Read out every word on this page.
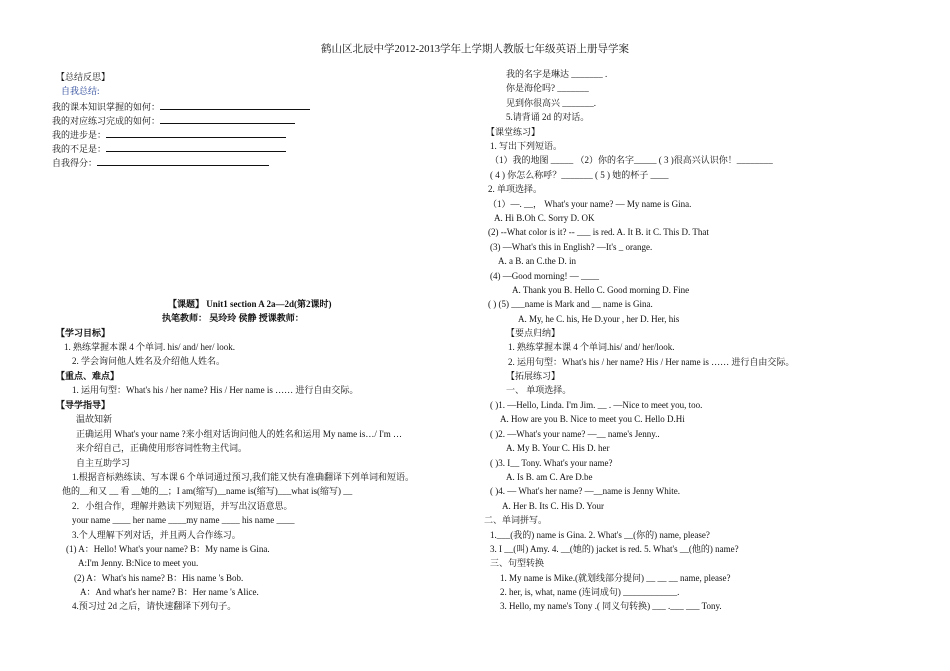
鹤山区北辰中学2012-2013学年上学期人教版七年级英语上册导学案
【总结反思】
自我总结:
我的课本知识掌握的如何：
我的对应练习完成的如何：
我的进步是：
我的不足是：
自我得分：
【课题】 Unit1 section A 2a—2d(第2课时)
执笔教师： 吴玲玲 侯静 授课教师：
【学习目标】
1. 熟练掌握本课 4 个单词. his/ and/ her/ look.
2. 学会询问他人姓名及介绍他人姓名。
【重点、难点】
1. 运用句型：What's his / her name? His / Her name is …… 进行自由交际。
【导学指导】
温故知新
正确运用 What's your name ?来小组对话询问他人的姓名和运用 My name is…/ I'm …
来介绍自己，正确使用形容词性物主代词。
自主互助学习
1.根据音标熟练读、写本课 6 个单词通过预习,我们能又快有准确翻译下列单词和短语。
他的__和又 __ 看 __她的__；I am(缩写)__name is(缩写)___what is(缩写) __
2．小组合作，理解并熟读下列短语，并写出汉语意思。
your name ____ her name ____my name ____ his name ____
3.个人理解下列对话，并且两人合作练习。
(1) A：Hello! What's your name? B：My name is Gina.
A:I'm Jenny. B:Nice to meet you.
(2) A：What's his name? B：His name 's Bob.
A：And what's her name? B：Her name 's Alice.
4.预习过 2d 之后，请快速翻译下列句子。
我的名字是琳达 _______ .
你是海伦吗? _______
见到你很高兴 _______.
5.请背诵 2d 的对话。
【课堂练习】
1. 写出下列短语。
（1）我的地图 _____ （2）你的名字_____ ( 3 )很高兴认识你！________
( 4 ) 你怎么称呼？_______ ( 5 ) 她的杯子 ____
2. 单项选择。
（1）—. __， What's your name? — My name is Gina.
A. Hi B.Oh C. Sorry D. OK
(2) --What color is it? -- ___ is red. A. It B. it C. This D. That
(3) —What's this in English? —It's _ orange.
A. a B. an C.the D. in
(4) —Good morning! — ____
A. Thank you B. Hello C. Good morning D. Fine
( ) (5) ___name is Mark and __ name is Gina.
A. My, he C. his, He D.your , her D. Her, his
【要点归纳】
1. 熟练掌握本课 4 个单词.his/ and/ her/look.
2. 运用句型：What's his / her name? His / Her name is …… 进行自由交际。
【拓展练习】
一、 单项选择。
( )1. —Hello, Linda. I'm Jim. __ . —Nice to meet you, too.
A. How are you B. Nice to meet you C. Hello D.Hi
( )2. —What's your name? —__ name's Jenny..
A. My B. Your C. His D. her
( )3. I__ Tony. What's your name?
A. Is B. am C. Are D.be
( )4. — What's her name? —__name is Jenny White.
A. Her B. Its C. His D. Your
二、单词拼写。
1.___(我的) name is Gina. 2. What's __(你的) name, please?
3. I __(叫) Amy. 4. __(她的) jacket is red. 5. What's __(他的) name?
三、句型转换
1. My name is Mike.(就划线部分提问) __ __ __ name, please?
2. her, is, what, name (连词成句) ____________.
3. Hello, my name's Tony .( 同义句转换) ___ .___ ___ Tony.
